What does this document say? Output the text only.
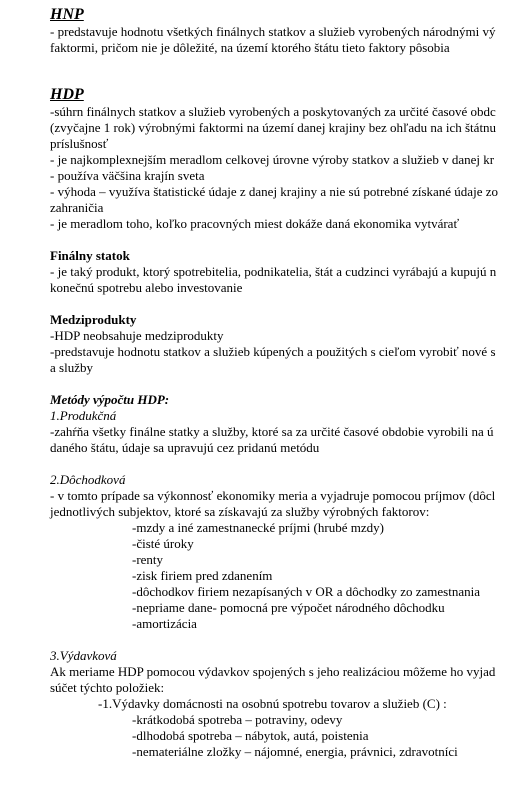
HNP
- predstavuje hodnotu všetkých finálnych statkov a služieb vyrobených národnými vý
faktormi, pričom nie je dôležité, na území ktorého štátu tieto faktory pôsobia
HDP
-súhrn finálnych statkov a služieb vyrobených a poskytovaných za určité časové obdc
(zvyčajne 1 rok) výrobnými faktormi na území danej krajiny bez ohľadu na ich štátnu
príslušnosť
- je najkomplexnejším meradlom celkovej úrovne výroby statkov a služieb v danej kr
- používa väčšina krajín sveta
- výhoda – využíva štatistické údaje z danej krajiny a nie sú potrebné získané údaje zo
zahraničia
- je meradlom toho, koľko pracovných miest dokáže daná ekonomika vytvárať
Finálny statok
- je taký produkt, ktorý spotrebitelia, podnikatelia, štát a cudzinci vyrábajú a kupujú n
konečnú spotrebu alebo investovanie
Medziprodukty
-HDP neobsahuje medziprodukty
-predstavuje hodnotu statkov a služieb kúpených a použitých s cieľom vyrobiť nové s
a služby
Metódy výpočtu HDP:
1.Produkčná
-zahŕňa všetky finálne statky a služby, ktoré sa za určité časové obdobie vyrobili na ú
daného štátu, údaje sa upravujú cez pridanú metódu
2.Dôchodková
- v tomto prípade sa výkonnosť ekonomiky meria a vyjadruje pomocou príjmov (dôcl
jednotlivých subjektov, ktoré sa získavajú za služby výrobných faktorov:
-mzdy a iné zamestnanecké príjmi (hrubé mzdy)
-čisté úroky
-renty
-zisk firiem pred zdanením
-dôchodkov firiem nezapísaných v OR a dôchodky zo zamestnania
-nepriame dane- pomocná pre výpočet národného dôchodku
-amortizácia
3.Výdavková
Ak meriame HDP pomocou výdavkov spojených s jeho realizáciou môžeme ho vyjad
súčet týchto položiek:
-1.Výdavky domácnosti na osobnú spotrebu tovarov a služieb (C) :
-krátkodobá spotreba – potraviny, odevy
-dlhodobá spotreba – nábytok, autá, poistenia
-nemateriálne zložky – nájomné, energia, právnici, zdravotníci
